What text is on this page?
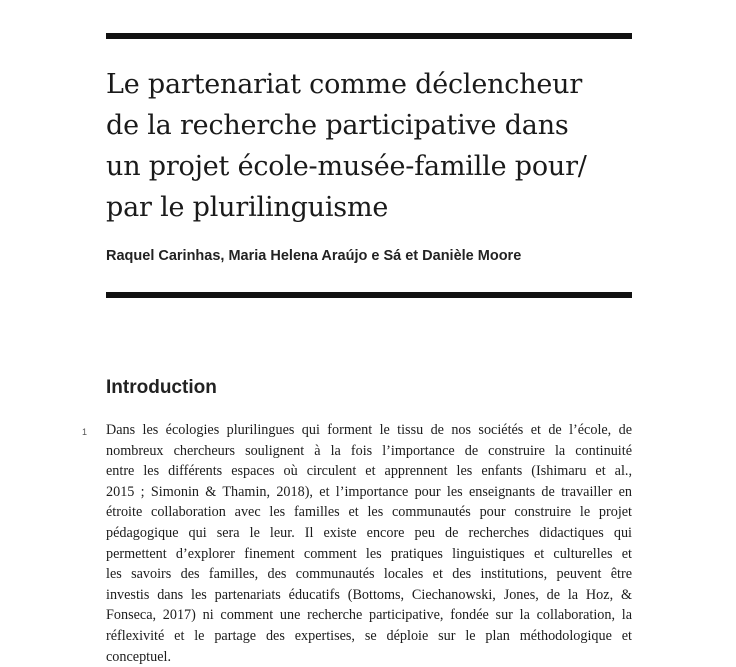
Le partenariat comme déclencheur
de la recherche participative dans
un projet école-musée-famille pour/
par le plurilinguisme

Raquel Carinhas, Maria Helena Araújo e Sá et Danièle Moore

Introduction
1 Dans les écologies plurilingues qui forment le tissu de nos sociétés et de l’école, de
nombreux chercheurs soulignent à la fois l’importance de construire la continuité
entre les différents espaces où circulent et apprennent les enfants (Ishimaru et al.,
2015 ; Simonin & Thamin, 2018), et l’importance pour les enseignants de travailler en
étroite collaboration avec les familles et les communautés pour construire le projet
pédagogique qui sera le leur. Il existe encore peu de recherches didactiques qui
permettent d’explorer finement comment les pratiques linguistiques et culturelles et
les savoirs des familles, des communautés locales et des institutions, peuvent être
investis dans les partenariats éducatifs (Bottoms, Ciechanowski, Jones, de la Hoz, &
Fonseca, 2017) ni comment une recherche participative, fondée sur la collaboration, la
réflexivité et le partage des expertises, se déploie sur le plan méthodologique et
conceptuel.
